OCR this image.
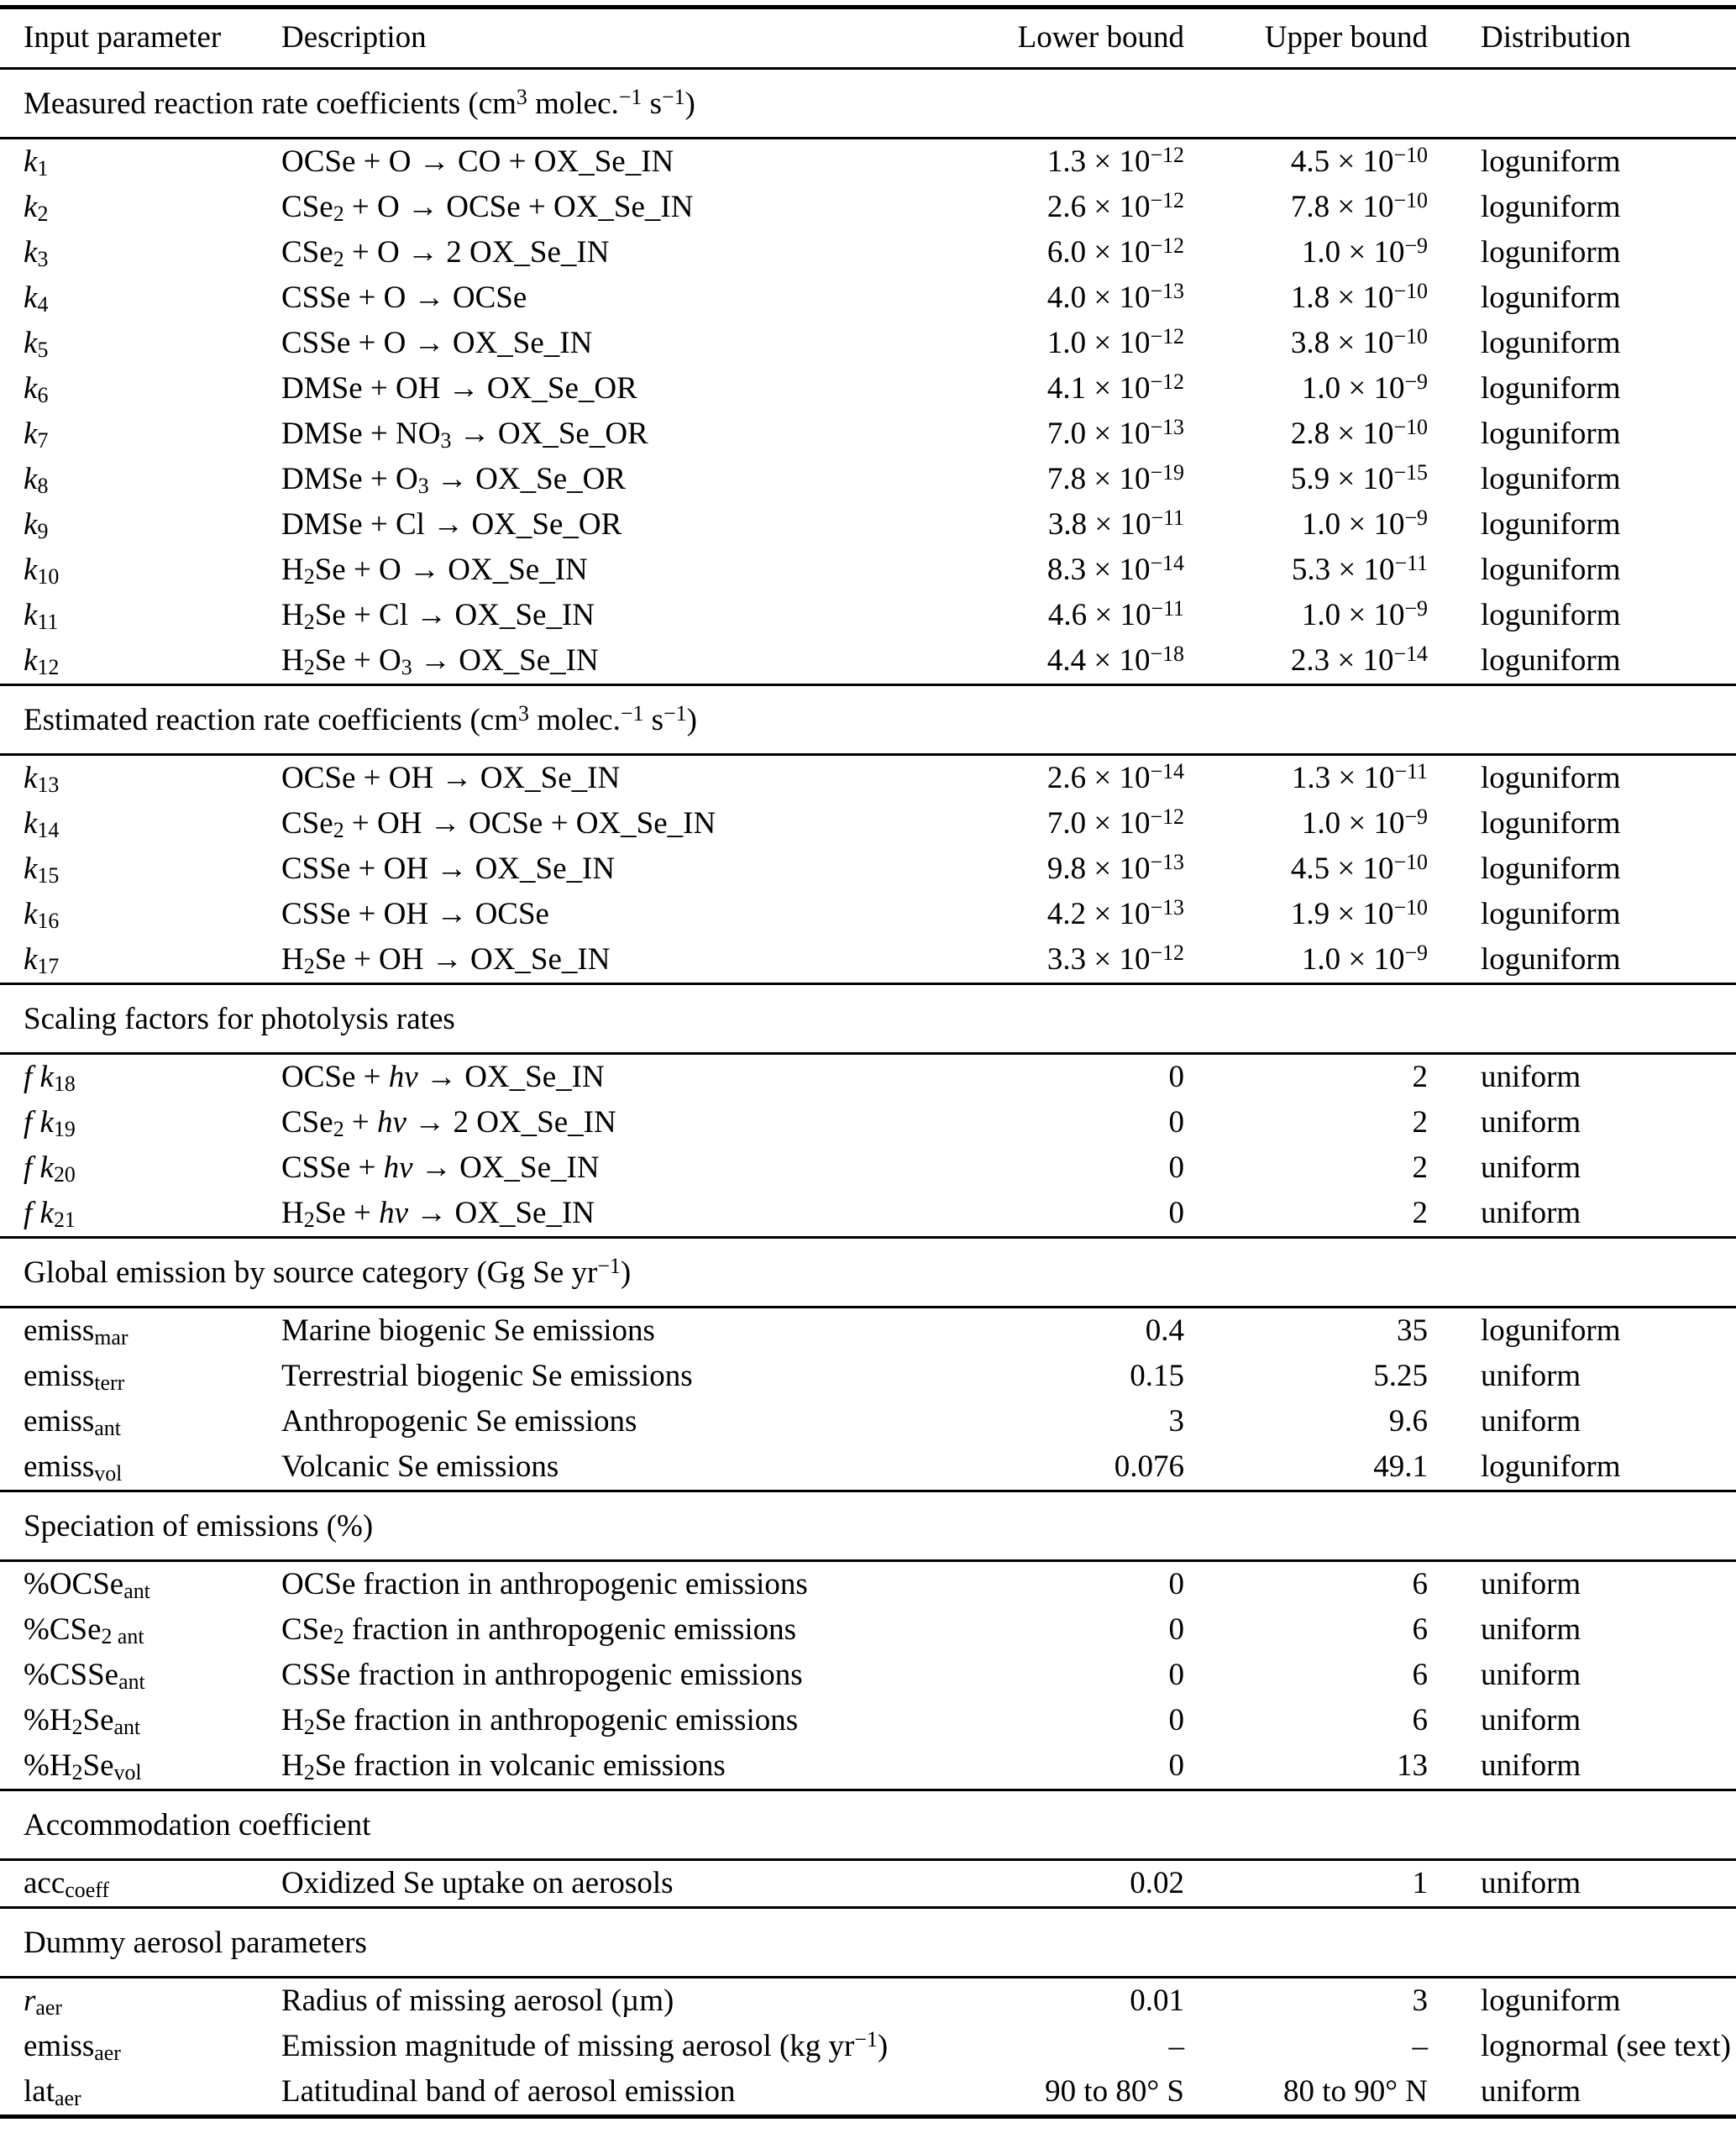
Input parameter	Description	Lower bound	Upper bound	Distribution
Measured reaction rate coefficients ($cm^3$ molec.$^{-1}$ $s^{-1}$)				
$k_1$	OCSe + O → CO + OX_Se_IN	$1.3 \times 10^{-12}$	$4.5 \times 10^{-10}$	loguniform
$k_2$	CSe$_2$ + O → OCSe + OX_Se_IN	$2.6 \times 10^{-12}$	$7.8 \times 10^{-10}$	loguniform
$k_3$	CSe$_2$ + O → 2 OX_Se_IN	$6.0 \times 10^{-12}$	$1.0 \times 10^{-9}$	loguniform
$k_4$	CSSe + O → OCSe	$4.0 \times 10^{-13}$	$1.8 \times 10^{-10}$	loguniform
$k_5$	CSSe + O → OX_Se_IN	$1.0 \times 10^{-12}$	$3.8 \times 10^{-10}$	loguniform
$k_6$	DMSe + OH → OX_Se_OR	$4.1 \times 10^{-12}$	$1.0 \times 10^{-9}$	loguniform
$k_7$	DMSe + $NO_3$ → OX_Se_OR	$7.0 \times 10^{-13}$	$2.8 \times 10^{-10}$	loguniform
$k_8$	DMSe + $O_3$ → OX_Se_OR	$7.8 \times 10^{-19}$	$5.9 \times 10^{-15}$	loguniform
$k_9$	DMSe + Cl → OX_Se_OR	$3.8 \times 10^{-11}$	$1.0 \times 10^{-9}$	loguniform
$k_{10}$	$H_2Se + O$ → OX_Se_IN	$8.3 \times 10^{-14}$	$5.3 \times 10^{-11}$	loguniform
$k_{11}$	$H_2Se + Cl$ → OX_Se_IN	$4.6 \times 10^{-11}$	$1.0 \times 10^{-9}$	loguniform
$k_{12}$	$H_2Se + O_3$ → OX_Se_IN	$4.4 \times 10^{-18}$	$2.3 \times 10^{-14}$	loguniform
Estimated reaction rate coefficients ($cm^3$ molec.$^{-1}$ $s^{-1}$)				
$k_{13}$	OCSe + OH → OX_Se_IN	$2.6 \times 10^{-14}$	$1.3 \times 10^{-11}$	loguniform
$k_{14}$	CSe$_2$ + OH → OCSe + OX_Se_IN	$7.0 \times 10^{-12}$	$1.0 \times 10^{-9}$	loguniform
$k_{15}$	CSSe + OH → OX_Se_IN	$9.8 \times 10^{-13}$	$4.5 \times 10^{-10}$	loguniform
$k_{16}$	CSSe + OH → OCSe	$4.2 \times 10^{-13}$	$1.9 \times 10^{-10}$	loguniform
$k_{17}$	$H_2Se$ + OH → OX_Se_IN	$3.3 \times 10^{-12}$	$1.0 \times 10^{-9}$	loguniform
Scaling factors for photolysis rates				
f $k_{18}$	OCSe + hν → OX_Se_IN	0	2	uniform
f $k_{19}$	CSe$_2$ + hν → 2 OX_Se_IN	0	2	uniform
f $k_{20}$	CSSe + hν → OX_Se_IN	0	2	uniform
f $k_{21}$	$H_2Se + h\nu$ → OX_Se_IN	0	2	uniform
Global emission by source category (Gg Se $yr^{-1}$)				
emiss$_{mar}$	Marine biogenic Se emissions	0.4	35	loguniform
emiss$_{terr}$	Terrestrial biogenic Se emissions	0.15	5.25	uniform
emiss$_{ant}$	Anthropogenic Se emissions	3	9.6	uniform
emiss$_{vol}$	Volcanic Se emissions	0.076	49.1	loguniform
Speciation of emissions (%)				
%OCSe$_{ant}$	OCSe fraction in anthropogenic emissions	0	6	uniform
%CSe$_{2 ant}$	CSe$_2$ fraction in anthropogenic emissions	0	6	uniform
%CSSe$_{ant}$	CSSe fraction in anthropogenic emissions	0	6	uniform
$\%H_2Se_{ant}$	$H_2Se$ fraction in anthropogenic emissions	0	6	uniform
$\%H_2Se_{vol}$	$H_2Se$ fraction in volcanic emissions	0	13	uniform
Accommodation coefficient				
acc$_{coeff}$	Oxidized Se uptake on aerosols	0.02	1	uniform
Dummy aerosol parameters				
$r_{aer}$	Radius of missing aerosol (µm)	0.01	3	loguniform
emiss$_{aer}$	Emission magnitude of missing aerosol (kg $yr^{-1}$)	–	–	lognormal (see text)
lat$_{aer}$	Latitudinal band of aerosol emission	90 to 80° S	80 to 90° N	uniform
